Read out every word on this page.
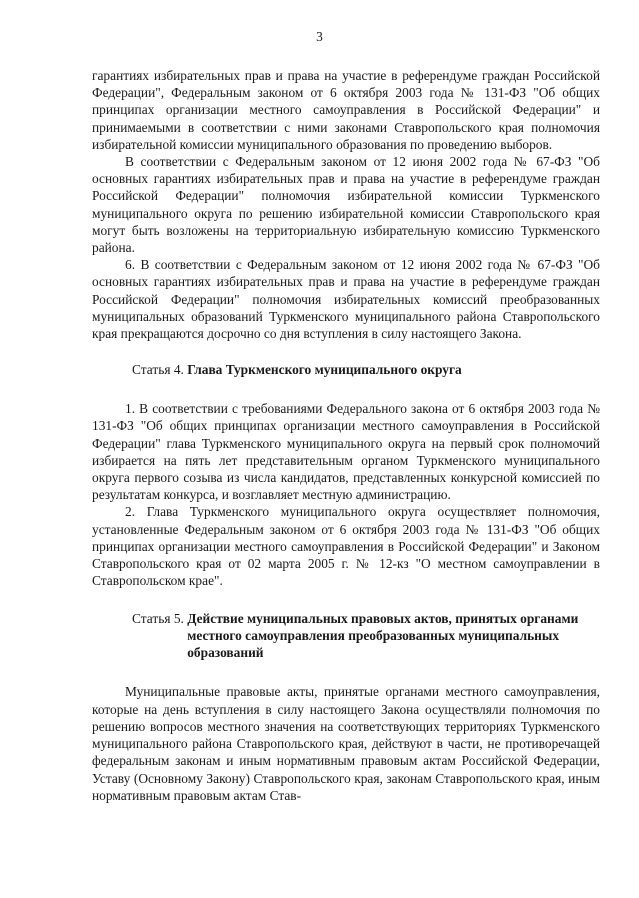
3

гарантиях избирательных прав и права на участие в референдуме граждан Российской Федерации", Федеральным законом от 6 октября 2003 года № 131-ФЗ "Об общих принципах организации местного самоуправления в Российской Федерации" и принимаемыми в соответствии с ними законами Ставропольского края полномочия избирательной комиссии муниципального образования по проведению выборов.

В соответствии с Федеральным законом от 12 июня 2002 года № 67-ФЗ "Об основных гарантиях избирательных прав и права на участие в референдуме граждан Российской Федерации" полномочия избирательной комиссии Туркменского муниципального округа по решению избирательной комиссии Ставропольского края могут быть возложены на территориальную избирательную комиссию Туркменского района.

6. В соответствии с Федеральным законом от 12 июня 2002 года № 67-ФЗ "Об основных гарантиях избирательных прав и права на участие в референдуме граждан Российской Федерации" полномочия избирательных комиссий преобразованных муниципальных образований Туркменского муниципального района Ставропольского края прекращаются досрочно со дня вступления в силу настоящего Закона.

Статья 4. Глава Туркменского муниципального округа

1. В соответствии с требованиями Федерального закона от 6 октября 2003 года № 131-ФЗ "Об общих принципах организации местного самоуправления в Российской Федерации" глава Туркменского муниципального округа на первый срок полномочий избирается на пять лет представительным органом Туркменского муниципального округа первого созыва из числа кандидатов, представленных конкурсной комиссией по результатам конкурса, и возглавляет местную администрацию.

2. Глава Туркменского муниципального округа осуществляет полномочия, установленные Федеральным законом от 6 октября 2003 года № 131-ФЗ "Об общих принципах организации местного самоуправления в Российской Федерации" и Законом Ставропольского края от 02 марта 2005 г. № 12-кз "О местном самоуправлении в Ставропольском крае".

Статья 5. Действие муниципальных правовых актов, принятых органами местного самоуправления преобразованных муниципальных образований

Муниципальные правовые акты, принятые органами местного самоуправления, которые на день вступления в силу настоящего Закона осуществляли полномочия по решению вопросов местного значения на соответствующих территориях Туркменского муниципального района Ставропольского края, действуют в части, не противоречащей федеральным законам и иным нормативным правовым актам Российской Федерации, Уставу (Основному Закону) Ставропольского края, законам Ставропольского края, иным нормативным правовым актам Став-
